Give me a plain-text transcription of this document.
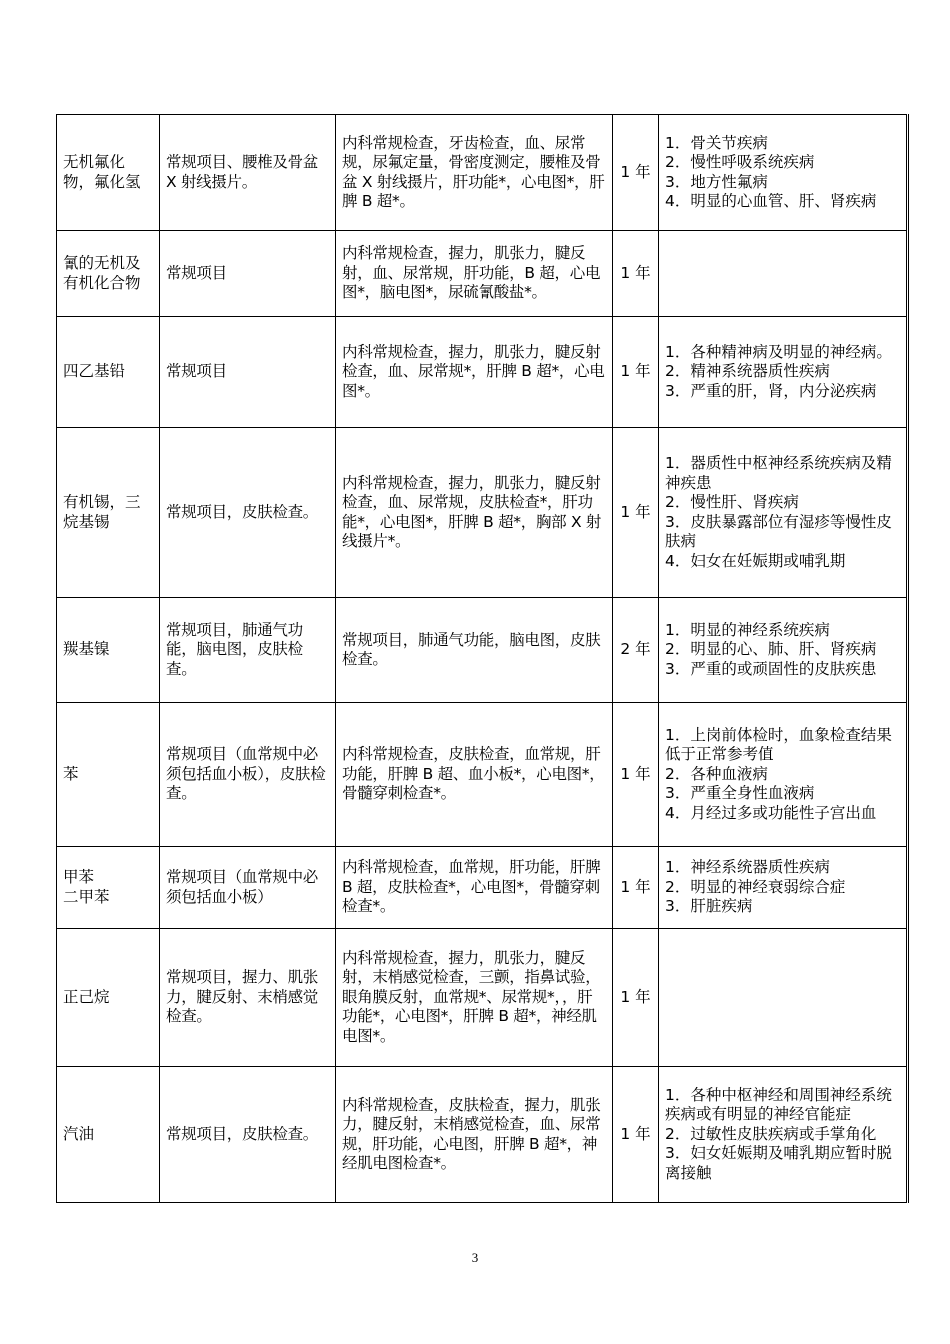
无机氟化物，氟化氢	常规项目、腰椎及骨盆 X 射线摄片。	内科常规检查，牙齿检查，血、尿常规，尿氟定量，骨密度测定，腰椎及骨盆 X 射线摄片，肝功能*，心电图*，肝脾 B 超*。	1 年	1．骨关节疾病
2．慢性呼吸系统疾病
3．地方性氟病
4．明显的心血管、肝、肾疾病

氰的无机及有机化合物	常规项目	内科常规检查，握力，肌张力，腱反射，血、尿常规，肝功能，B 超，心电图*，脑电图*，尿硫氰酸盐*。	1 年	

四乙基铅	常规项目	内科常规检查，握力，肌张力，腱反射检查，血、尿常规*，肝脾 B 超*，心电图*。	1 年	1．各种精神病及明显的神经病。
2．精神系统器质性疾病
3．严重的肝，肾，内分泌疾病

有机锡，三烷基锡	常规项目，皮肤检查。	内科常规检查，握力，肌张力，腱反射检查，血、尿常规，皮肤检查*，肝功能*，心电图*，肝脾 B 超*，胸部 X 射线摄片*。	1 年	1．器质性中枢神经系统疾病及精神疾患
2．慢性肝、肾疾病
3．皮肤暴露部位有湿疹等慢性皮肤病
4．妇女在妊娠期或哺乳期

羰基镍	常规项目，肺通气功能，脑电图，皮肤检查。	常规项目，肺通气功能，脑电图，皮肤检查。	2 年	1．明显的神经系统疾病
2．明显的心、肺、肝、肾疾病
3．严重的或顽固性的皮肤疾患

苯	常规项目（血常规中必须包括血小板），皮肤检查。	内科常规检查，皮肤检查，血常规，肝功能，肝脾 B 超、血小板*，心电图*，骨髓穿刺检查*。	1 年	1．上岗前体检时，血象检查结果低于正常参考值
2．各种血液病
3．严重全身性血液病
4．月经过多或功能性子宫出血

甲苯
二甲苯	常规项目（血常规中必须包括血小板）	内科常规检查，血常规，肝功能，肝脾 B 超，皮肤检查*，心电图*，骨髓穿刺检查*。	1 年	1．神经系统器质性疾病
2．明显的神经衰弱综合症
3．肝脏疾病

正己烷	常规项目，握力、肌张力，腱反射、末梢感觉检查。	内科常规检查，握力，肌张力，腱反射，末梢感觉检查，三颤，指鼻试验，眼角膜反射，血常规*、尿常规*，，肝功能*，心电图*，肝脾 B 超*，神经肌电图*。	1 年	

汽油	常规项目，皮肤检查。	内科常规检查，皮肤检查，握力，肌张力，腱反射，末梢感觉检查，血、尿常规，肝功能，心电图，肝脾 B 超*，神经肌电图检查*。	1 年	1．各种中枢神经和周围神经系统疾病或有明显的神经官能症
2．过敏性皮肤疾病或手掌角化
3．妇女妊娠期及哺乳期应暂时脱离接触
3
